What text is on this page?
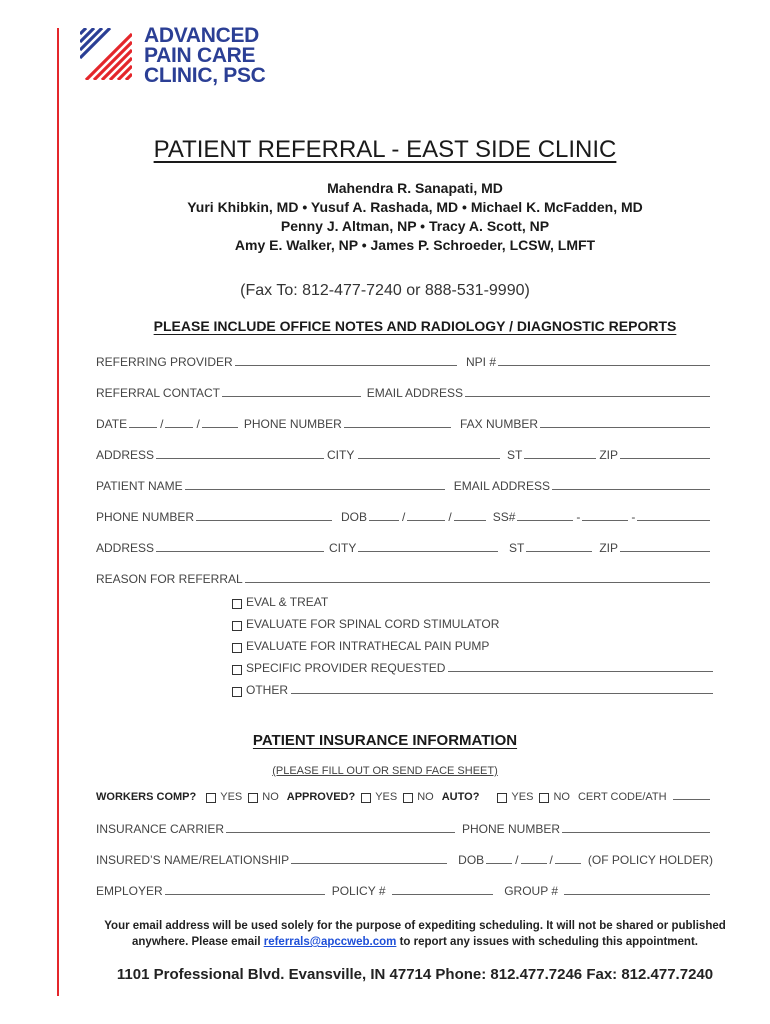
ADVANCED
PAIN CARE
CLINIC, PSC
PATIENT REFERRAL - EAST SIDE CLINIC
Mahendra R. Sanapati, MD
Yuri Khibkin, MD • Yusuf A. Rashada, MD • Michael K. McFadden, MD
Penny J. Altman, NP • Tracy A. Scott, NP
Amy E. Walker, NP • James P. Schroeder, LCSW, LMFT
(Fax To: 812-477-7240 or 888-531-9990)
PLEASE INCLUDE OFFICE NOTES AND RADIOLOGY / DIAGNOSTIC REPORTS
REFERRING PROVIDER	NPI #
REFERRAL CONTACT	EMAIL ADDRESS
DATE	/	/	PHONE NUMBER	FAX NUMBER
ADDRESS	CITY	ST	ZIP
PATIENT NAME	EMAIL ADDRESS
PHONE NUMBER	DOB	/	/	SS#	-	-
ADDRESS	CITY	ST	ZIP
REASON FOR REFERRAL
EVAL & TREAT
EVALUATE FOR SPINAL CORD STIMULATOR
EVALUATE FOR INTRATHECAL PAIN PUMP
SPECIFIC PROVIDER REQUESTED
OTHER
PATIENT INSURANCE INFORMATION
(PLEASE FILL OUT OR SEND FACE SHEET)
WORKERS COMP? YES NO APPROVED? YES NO AUTO?	YES NO CERT CODE/ATH
INSURANCE CARRIER	PHONE NUMBER
INSURED’S NAME/RELATIONSHIP	DOB	/	/	(OF POLICY HOLDER)
EMPLOYER	POLICY #	GROUP #
Your email address will be used solely for the purpose of expediting scheduling. It will not be shared or published
anywhere. Please email referrals@apccweb.com to report any issues with scheduling this appointment.
1101 Professional Blvd. Evansville, IN 47714 Phone: 812.477.7246 Fax: 812.477.7240
